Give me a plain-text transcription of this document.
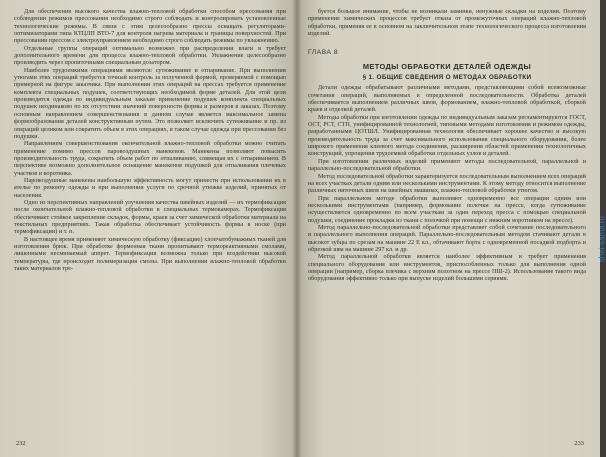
Для обеспечения высокого качества влажно-тепловой обработки способом прессования при соблюдении режимов прессования необходимо строго соблюдать и контролировать установленные технологические режимы. В связи с этим целесообразно прессы оснащать регуляторами-оптимизаторами типа КТЦЛП ВТО-7 для контроля нагрева материала и границы поверхностей. При прессовании прессом с электроуправлением необходимо строго соблюдать режимы по увлажнению.

Отдельные группы операций оптимально возможно при распределении влаги в требует дополнительного времени для процесса влажно-тепловой обработки. Увлажнение целесообразно производить через пропиточными специальным дозатором.

Наиболее трудоемкими операциями являются: сутюживание и отпаривание. При выполнении утюгами этих операций требуется точный контроль за полученной формой, проверяемой с помощью примерной на фигуре заказчика. При выполнении этих операций на прессах требуется применение комплекта специальных подушек, соответствующих необходимой форме деталей. Для этой цели производятся одежда по индивидуальным заказам применение подушек комплекта специальных подушек неодинаково по их отсутствии значений поверхности формы и размеров в заказах. Поэтому основным направлением совершенствования в данном случае является максимальное замена формообразования деталей конструктивным путем. Это позволяет исключить сутюживание и пр. из операций целиком или сократить объем в этих операциях, в таком случае одежда при прессовании без подушки.

Направлением совершенствования окончательной влажно-тепловой обработки можно считать применение помимо прессов паровоздушных манекенов. Манекены позволяют повысить производительность труда, сократить объем работ по отпаливанию, совмещая их с отпариванием. В перспективе возможно дополнительное оснащение манекенов подушкой для отпаливания плечевых участков и воротника.

Паровоздушные манекены наибольшую эффективность могут принести при использовании их в ателье по ремонту одежды и при выполнении услуги по срочной утюжке изделий, принятых от населения.

Одно из перспективных направлений улучшения качества швейных изделий — их термофиксация после окончательной влажно-тепловой обработки в специальных термокамерах. Термофиксация обеспечивает стойкое закрепление складок, формы, краев за счет химической обработки материала на текстильных предприятиях. Такая обработка обеспечивает устойчивость формы в носке (при термофиксации) и т. п.

В настоящее время применяют химическую обработку (фиксацию) хлопчатобумажных тканей для изготовления брюк. При обработке форменная ткани пропитывают термореактивными смолами, лишенными несминаемый аппрет. Термофиксация возможна только при воздействии высокой температуры, где происходит полимеризация смолы. При выполнении влажно-тепловой обработки таких материалов тре-

232

буется большое внимание, чтобы не возникали заминки, ненужные складки на изделии. Поэтому применение химических процессов требует отказа от промежуточных операций влажно-тепловой обработки, применяя ее в основном на заключительном этапе технологического процесса изготовления изделий.

ГЛАВА 8
МЕТОДЫ ОБРАБОТКИ ДЕТАЛЕЙ ОДЕЖДЫ
§ 1. ОБЩИЕ СВЕДЕНИЯ О МЕТОДАХ ОБРАБОТКИ

Детали одежды обрабатывают различными методами, представляющими собой всевозможные сочетания операций, выполняемых в определенной последовательности. Обработка деталей обеспечивается выполнением различных швов, формованием, влажно-тепловой обработкой, сборкой краев и отделкой деталей.

Методы обработки при изготовлении одежды по индивидуальным заказам регламентируются ГОСТ, ОСТ, РСТ, СТП, унифицированной технологией, типовыми методами изготовления и режимом одежды, разработанными ЦОТШЛ. Унифицированная технология обеспечивает хорошее качество и высокую производительность труда за счет максимального использования специального оборудования, более широкого применения клеевого метода соединения, расширения областей применения технологичных конструкций, упрощения трудоемкой обработки отдельных узлов и деталей.

При изготовлении различных изделий применяют методы последовательной, параллельной и параллельно-последовательной обработки.

Метод последовательной обработки характеризуется последовательным выполнением всех операций на всех участках детали одним или несколькими инструментами. К этому методу относится выполнение различных ниточных швов на швейных машинах, влажно-тепловой обработки утюгом.

При параллельном методе обработки выполняют одновременно все операции одним или несколькими инструментами (например, формование полочки на прессе, когда сутюживание осуществляется одновременно по всем участкам за один переход пресса с помощью специальной подушки, соединение прокладки из ткани с полочкой при помощи с нижним воротником на прессе).

Метод параллельно-последовательной обработки представляет собой сочетание последовательного и параллельного выполнения операций. Параллельно-последовательным методом стачивают детали в высокот зубцы по срезам на машине 22 Е кл., обтачивают борта с одновременной посадкой подборта и обрезкой шва на машине 297 кл. и др.

Метод параллельной обработки является наиболее эффективным и требует применения специального оборудования или инструментов, приспособленных только для выполнения одной операции (например, сборка плечика с верхним полотном на прессе ПШ-2). Использование такого вида оборудования эффективно только при выпуске изделий большими сериями.

233
shei-sama.ru
